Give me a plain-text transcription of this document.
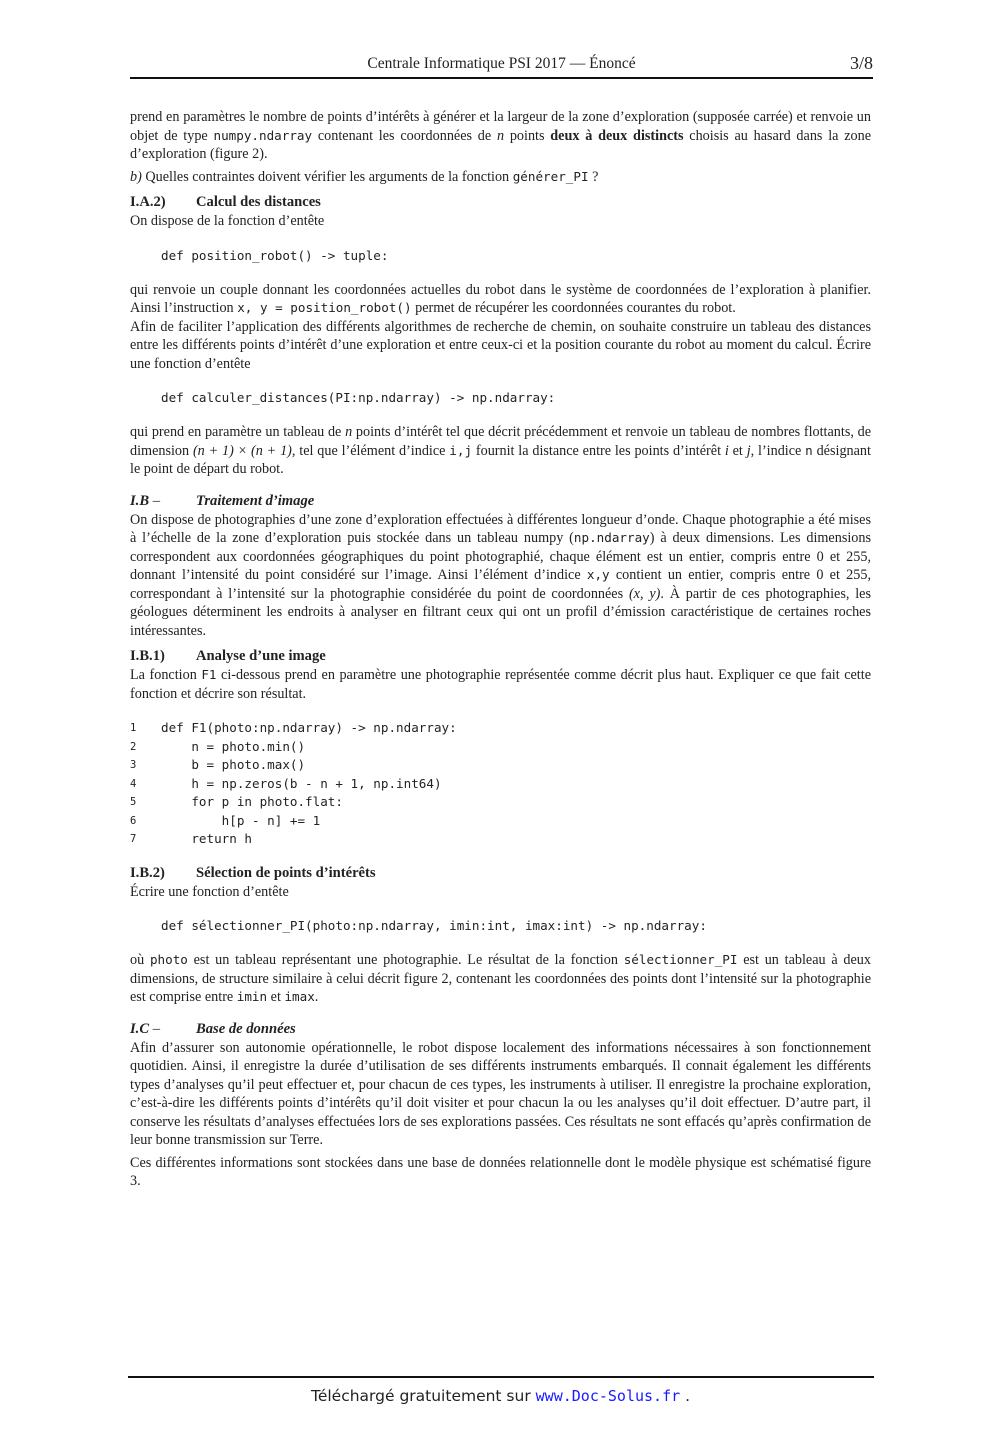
Centrale Informatique PSI 2017 — Énoncé	3/8

prend en paramètres le nombre de points d’intérêts à générer et la largeur de la zone d’exploration (supposée carrée) et renvoie un objet de type numpy.ndarray contenant les coordonnées de n points deux à deux distincts choisis au hasard dans la zone d’exploration (figure 2).

b) Quelles contraintes doivent vérifier les arguments de la fonction générer_PI ?

I.A.2) Calcul des distances

On dispose de la fonction d’entête

def position_robot() -> tuple:

qui renvoie un couple donnant les coordonnées actuelles du robot dans le système de coordonnées de l’exploration à planifier. Ainsi l’instruction x, y = position_robot() permet de récupérer les coordonnées courantes du robot.

Afin de faciliter l’application des différents algorithmes de recherche de chemin, on souhaite construire un tableau des distances entre les différents points d’intérêt d’une exploration et entre ceux-ci et la position courante du robot au moment du calcul. Écrire une fonction d’entête

def calculer_distances(PI:np.ndarray) -> np.ndarray:

qui prend en paramètre un tableau de n points d’intérêt tel que décrit précédemment et renvoie un tableau de nombres flottants, de dimension (n + 1) × (n + 1), tel que l’élément d’indice i,j fournit la distance entre les points d’intérêt i et j, l’indice n désignant le point de départ du robot.

I.B – Traitement d’image

On dispose de photographies d’une zone d’exploration effectuées à différentes longueur d’onde. Chaque photographie a été mises à l’échelle de la zone d’exploration puis stockée dans un tableau numpy (np.ndarray) à deux dimensions. Les dimensions correspondent aux coordonnées géographiques du point photographié, chaque élément est un entier, compris entre 0 et 255, donnant l’intensité du point considéré sur l’image. Ainsi l’élément d’indice x,y contient un entier, compris entre 0 et 255, correspondant à l’intensité sur la photographie considérée du point de coordonnées (x, y). À partir de ces photographies, les géologues déterminent les endroits à analyser en filtrant ceux qui ont un profil d’émission caractéristique de certaines roches intéressantes.

I.B.1) Analyse d’une image

La fonction F1 ci-dessous prend en paramètre une photographie représentée comme décrit plus haut. Expliquer ce que fait cette fonction et décrire son résultat.

1	def F1(photo:np.ndarray) -> np.ndarray:
2	n = photo.min()
3	b = photo.max()
4	h = np.zeros(b - n + 1, np.int64)
5	for p in photo.flat:
6	h[p - n] += 1
7	return h
I.B.2) Sélection de points d’intérêts

Écrire une fonction d’entête

def sélectionner_PI(photo:np.ndarray, imin:int, imax:int) -> np.ndarray:

où photo est un tableau représentant une photographie. Le résultat de la fonction sélectionner_PI est un tableau à deux dimensions, de structure similaire à celui décrit figure 2, contenant les coordonnées des points dont l’intensité sur la photographie est comprise entre imin et imax.

I.C – Base de données

Afin d’assurer son autonomie opérationnelle, le robot dispose localement des informations nécessaires à son fonctionnement quotidien. Ainsi, il enregistre la durée d’utilisation de ses différents instruments embarqués. Il connait également les différents types d’analyses qu’il peut effectuer et, pour chacun de ces types, les instruments à utiliser. Il enregistre la prochaine exploration, c’est-à-dire les différents points d’intérêts qu’il doit visiter et pour chacun la ou les analyses qu’il doit effectuer. D’autre part, il conserve les résultats d’analyses effectuées lors de ses explorations passées. Ces résultats ne sont effacés qu’après confirmation de leur bonne transmission sur Terre.

Ces différentes informations sont stockées dans une base de données relationnelle dont le modèle physique est schématisé figure 3.

Téléchargé gratuitement sur www.Doc-Solus.fr .
